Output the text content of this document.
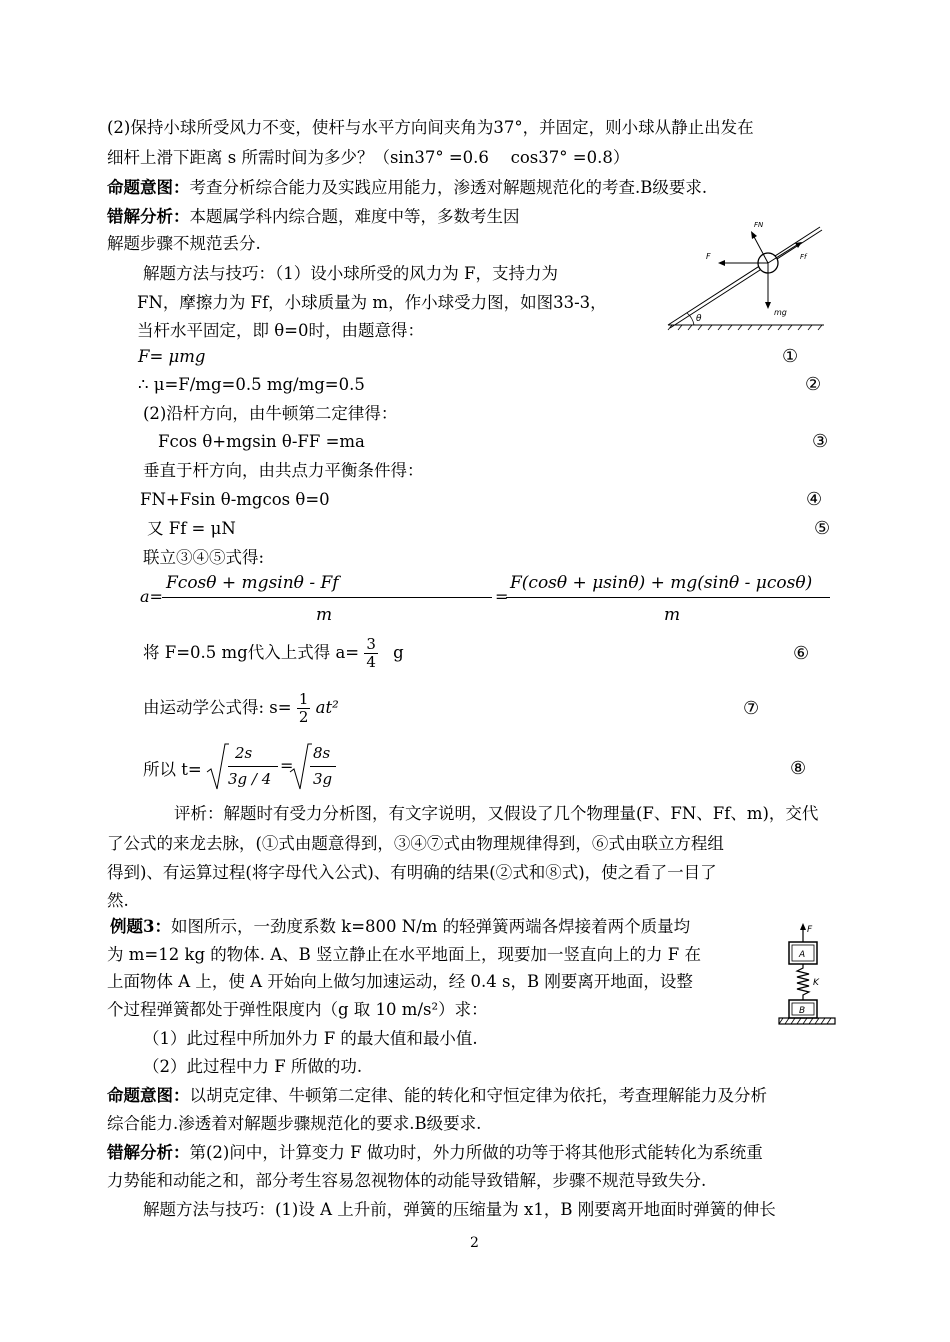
(2)保持小球所受风力不变，使杆与水平方向间夹角为37°，并固定，则小球从静止出发在
细杆上滑下距离 s 所需时间为多少？（sin37° =0.6　 cos37° =0.8）
命题意图：考查分析综合能力及实践应用能力，渗透对解题规范化的考查.B级要求.
错解分析：本题属学科内综合题，难度中等，多数考生因
解题步骤不规范丢分.
θ
F
FN
Ff
mg
解题方法与技巧：（1）设小球所受的风力为 F，支持力为
FN，摩擦力为 Ff，小球质量为 m，作小球受力图，如图33-3，
当杆水平固定，即 θ=0时，由题意得：
F= μmg	①
∴ μ=F/mg=0.5 mg/mg=0.5	②
(2)沿杆方向，由牛顿第二定律得：
Fcos θ+mgsin θ-FF =ma	③
垂直于杆方向，由共点力平衡条件得：
FN+Fsin θ-mgcos θ=0	④
又 Ff = μN	⑤
联立③④⑤式得:
a=
Fcosθ + mgsinθ - Ff
m
=
F(cosθ + μsinθ) + mg(sinθ - μcosθ)
m
将 F=0.5 mg代入上式得 $a= \frac{3}{4}$ g	⑥
由运动学公式得: $s= \frac{1}{2} at^2$	⑦
所以 t=
2s
3g / 4
=
8s
3g	⑧
评析：解题时有受力分析图，有文字说明，又假设了几个物理量(F、FN、Ff、m)，交代
了公式的来龙去脉，(①式由题意得到，③④⑦式由物理规律得到，⑥式由联立方程组
得到)、有运算过程(将字母代入公式)、有明确的结果(②式和⑧式)，使之看了一目了
然.
例题3：如图所示，一劲度系数 k=800 N/m 的轻弹簧两端各焊接着两个质量均
为 m=12 kg 的物体. A、B 竖立静止在水平地面上，现要加一竖直向上的力 F 在
上面物体 A 上，使 A 开始向上做匀加速运动，经 0.4 s，B 刚要离开地面，设整
个过程弹簧都处于弹性限度内（g 取 10 m/s²）求：
（1）此过程中所加外力 F 的最大值和最小值.
（2）此过程中力 F 所做的功.
F
A
K
B
命题意图：以胡克定律、牛顿第二定律、能的转化和守恒定律为依托，考查理解能力及分析
综合能力.渗透着对解题步骤规范化的要求.B级要求.
错解分析：第(2)问中，计算变力 F 做功时，外力所做的功等于将其他形式能转化为系统重
力势能和动能之和，部分考生容易忽视物体的动能导致错解，步骤不规范导致失分.
解题方法与技巧：(1)设 A 上升前，弹簧的压缩量为 x1，B 刚要离开地面时弹簧的伸长
2
